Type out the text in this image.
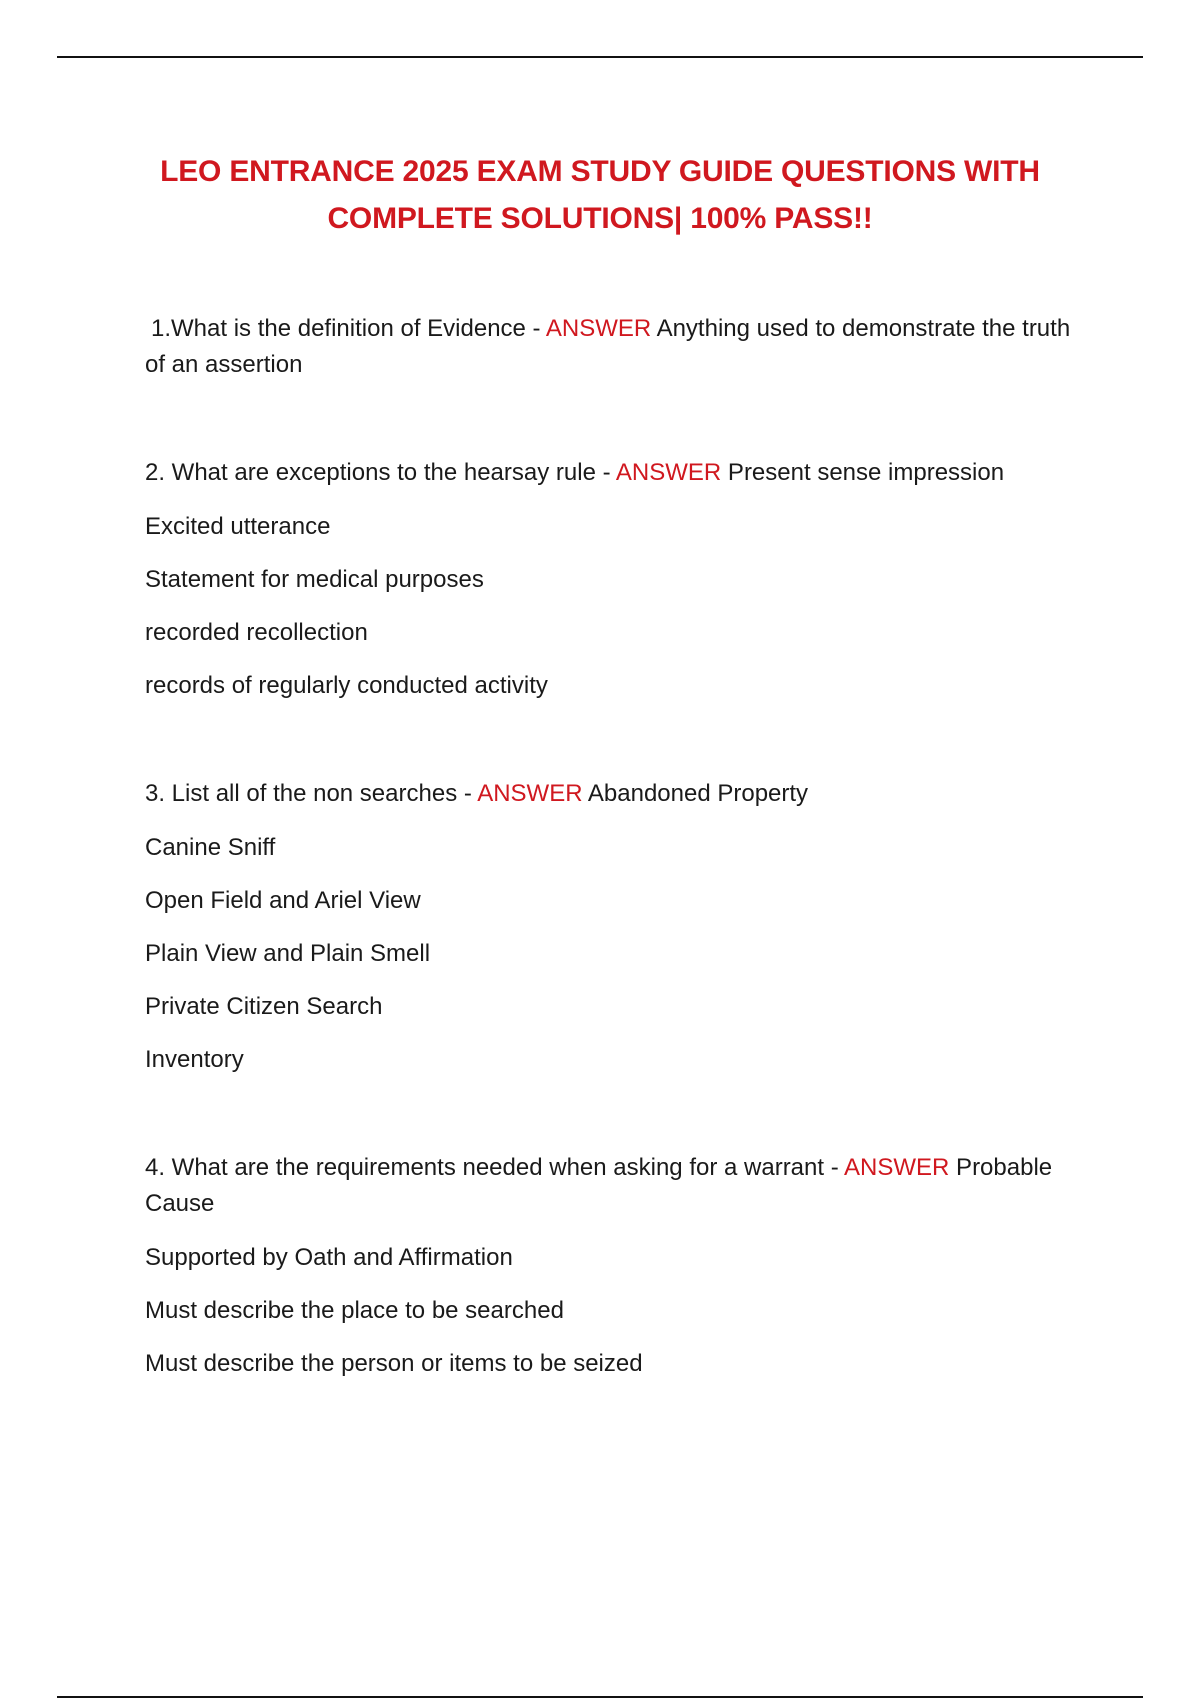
LEO ENTRANCE 2025 EXAM STUDY GUIDE QUESTIONS WITH
COMPLETE SOLUTIONS| 100% PASS!!

1.What is the definition of Evidence - ANSWER Anything used to demonstrate the truth of an assertion

2. What are exceptions to the hearsay rule - ANSWER Present sense impression

Excited utterance

Statement for medical purposes

recorded recollection

records of regularly conducted activity

3. List all of the non searches - ANSWER Abandoned Property

Canine Sniff

Open Field and Ariel View

Plain View and Plain Smell

Private Citizen Search

Inventory

4. What are the requirements needed when asking for a warrant - ANSWER Probable Cause

Supported by Oath and Affirmation

Must describe the place to be searched

Must describe the person or items to be seized
